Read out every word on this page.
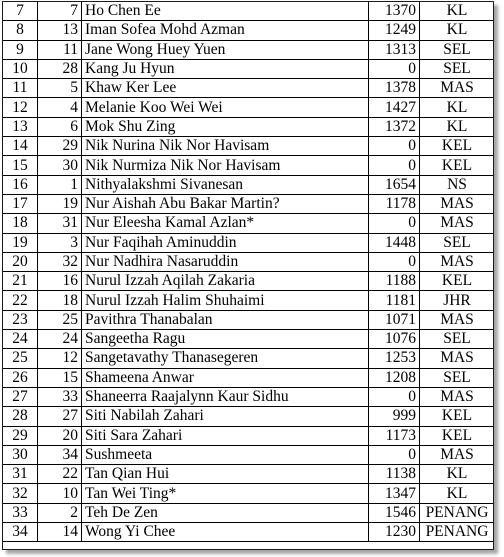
7	7	Ho Chen Ee	1370	KL
8	13	Iman Sofea Mohd Azman	1249	KL
9	11	Jane Wong Huey Yuen	1313	SEL
10	28	Kang Ju Hyun	0	SEL
11	5	Khaw Ker Lee	1378	MAS
12	4	Melanie Koo Wei Wei	1427	KL
13	6	Mok Shu Zing	1372	KL
14	29	Nik Nurina Nik Nor Havisam	0	KEL
15	30	Nik Nurmiza Nik Nor Havisam	0	KEL
16	1	Nithyalakshmi Sivanesan	1654	NS
17	19	Nur Aishah Abu Bakar Martin?	1178	MAS
18	31	Nur Eleesha Kamal Azlan*	0	MAS
19	3	Nur Faqihah Aminuddin	1448	SEL
20	32	Nur Nadhira Nasaruddin	0	MAS
21	16	Nurul Izzah Aqilah Zakaria	1188	KEL
22	18	Nurul Izzah Halim Shuhaimi	1181	JHR
23	25	Pavithra Thanabalan	1071	MAS
24	24	Sangeetha Ragu	1076	SEL
25	12	Sangetavathy Thanasegeren	1253	MAS
26	15	Shameena Anwar	1208	SEL
27	33	Shaneerra Raajalynn Kaur Sidhu	0	MAS
28	27	Siti Nabilah Zahari	999	KEL
29	20	Siti Sara Zahari	1173	KEL
30	34	Sushmeeta	0	MAS
31	22	Tan Qian Hui	1138	KL
32	10	Tan Wei Ting*	1347	KL
33	2	Teh De Zen	1546	PENANG
34	14	Wong Yi Chee	1230	PENANG
